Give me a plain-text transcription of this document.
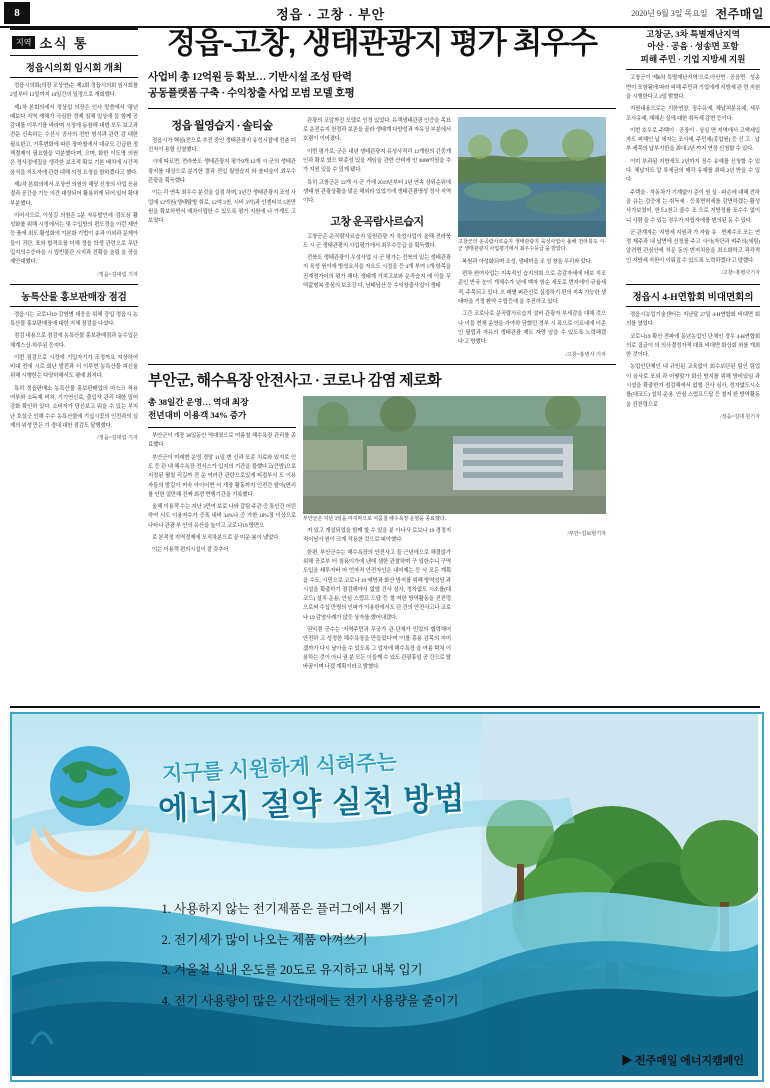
8	정읍 · 고창 · 부안	2020년 9월 3일 목요일 전주매일
지역 소식 통
정읍시의회 임시회 개최

정읍시의회(의장 조상연)는 제2회 정읍시의회 임시회를 2일부터 13일까지 14일간의 일정으로 개회했다.

제1차 본회의에서 정상섭 의장은 인사 말씀에서 '평년 때보다 지역 재해가 극심한 경제 침체 일상에 들 함께 공감대를 이루기를 바라며 시정에 동참해 대변 모두 보고과 전문 신속하는 수신시 공사의 전반 형식과 관련 감 대한 필요한고, 기후변화에 따른 장마철에서 대규모 긴급한 정책결제이 필요함을 덕분했다'며, 으며, 화한 이도명 의원은 정사정에집을 생각한 보조적 확보 기본 배치에 시간적 음식을 지도자에 관련 대해 의정 요청을 함하겠다고 했다.

제2차 본회의에서 조상연 의원의 해당 신청의 사업 응용 결과 공간을 기능 의견 대상되어 활용하게 되어 있어 확대 부분했다.

이어서으로, 이상길 의원은 5분 자유발언에 '검도심 활성화를 위해 시정에서는 및 수입방의 편도정을 이런 제안 등 품에 최도 활성화의 기본화 기법이 송과 이외과 문제아들이 귀단, 표와 합격조를 더해 정읍 학생 관련으로 무단입지의수증마을 시 립빈물관 시지과 진확을 올림 을 장을 제안대했다.

/정읍=김대림 기자
농특산물 홍보판매장 점검

정읍시는 코로나19 감염병 대응을 위해 강입 정읍시 농특산물 홍보판매장에 대한 지체 점검을 나섰다.

점검 내용으로 점검에 농특산물 홍보판매점과 농수입은 체계스상·하루된 등지다.

이번 점검으로 시정에 기입자기가 조정까요 지상하여 비대 전에 시로 회난 발전과 더 이루면 농특산물 피신울 위해 시행한는 다양하해서도 평에 최저다.

특히 정읍판매소 농특산물 홍보판매업의 마스크 착용 여부와 소독제 비치, 기기연신료, 출입자 관리 대한 밀어 강화 확인하 있다. 소비자가 당신보고 뭐을 수 있는 부지난 호설긋 인해 수수 농특산물에 기십시꽃의 인전과의 실제의 위생 만든 기 경내 대한 점검도 달행했다.

/정읍=김대림 기자
정읍-고창, 생태관광지 평가 최우수
사업비 총 12억원 등 확보… 기반시설 조성 탄력
공동플랫폼 구축 · 수익창출 사업 모범 모델 호평
정읍 월영습지 · 솔티숲

정읍시가 핵심(전으로 추진 중인 생태관광지 유성시잡에 전춘 더 진척이 용할 신열했다.

시에 따르면, 전라북도 생태관광지 평가9개 12개 시·군의 생태관광지를 대상으로 분기한 결과 전입 월영습지 와 솔티숲이 최우수 관광을 획득했다.

이는 각 연속 최우수 분것을 실점 하며, 3년간 생태관광지 조성 사업에 12억원(생태탐방 취로, 12억 3천, 시비 3억)과 인센티브 5천만원을 확보하면서 재차이립한 수 있도록 평가 지원에 나 가게도 고 보였다.

관광의 코앞까진 모델로 인정 있었다. 유객생태관광 인증을 목표로 운전슈지 천경과 보존을 골라 생태계 다양성과 자유상 부분에서 호평이 이어졌다.

이번 평가로, 군은 내년 생태관광지 유성사적리 12개원의 긴중개인과 확보 였으 탁종성 있을 게임을 관한 산비에 인 3000억원을 추가 지원 있을 수 있게 됐다.

특히 고창군은 12개 시·군 가에 2019년부터 3년 연속 상위순위에 생태 원 관광상활을 맞은 해외라 있었기에 생태관광명성 정사 지역이다.

고창 운곡람사르습지

고창군은 운곡람사르습지 일원관광 지 육성사업이 올해 전라북도 시·군 생태관광지 사업평가에서 최우수등급 을 획득했다.

전북도 생태관광이 우성사업 시·군 평가는 전북의 있는 생태관광지 육성 원이에 방성요식을 자오도 시정을 등 4개 부여 1개 항목을 진계졍가어의 평가 해다. 생태계 가치고보와 운곡습지 에 이들 무역값형복 중심의 보조강 다, 남태남산 등 수익창출사업이 생태

고창군의 운곡람사르습지 생태관광지 육성사업이 올해 전라북도 시·군 생태관광지 사업평가에서 최우수등급 을 받았다.

복원과 아성화되며 조성, 생태미을 조 성 창을 우리와 았다.

편차 원여사업는 지속적인 습지의회 으로 총감자세에 테보 지조준인 반국 눈이 개체수가 년에 백자 함순 세포로 번자에이 규율세적, 주목되고 있다. 오 래별 퍼관신로 실정하기 편의 지속 가능한 생태마을 기정 환약 수립등에 을 추진하고 있다.

그간 코로나로 운곡람사르습지 설비 관광자 부세감을 대해 것으나 이들 현재 운영을 가야하 닫혔던 경부 시 폭으로 이르네에 더준인 필립과 자유의 생태관광 제도 자랑 암을 수 있도록 노력해겠 다'고 방했다.

/고창=홍병사 기자
부안군, 해수욕장 안전사고 · 코로나 감염 제로화
총 38일간 운영… 역대 최장
전년대비 이용객 34% 증가

부안군이 개장 38일동안 역대였으로 여름철 해수욕장 관리를 종료했다.

부안군이 미래변 운영 경말 11일 변 신과 모종 치료와 있지로 인도 등 관 내 해수욕장 전식스가 입지의 기간을 불했다고(큰밤)으로 지정된 펼칠 리길까 전 운 여러간 관란으로있게 피접부서 도 이용자들의 발길이 꺼숙 아이어면 서 개장 활동까지 인전간 딸아(면리를 인한 얼만해 진짜 최경 면행기간을 기록했다.

올해 이용객 수는 지난 3만여 보로 나와 갈팀 주관 증 통인간 어린 하여 서도 이용자수가 증폭 내비 34%나 증 가한 18%정 이상으로 나타나 관광 부 안의 유산을 높이고 코로나19 방면으

로 본적정 지역경제에 모직차분으로 끝 미운 봄이 냈었다.

이는 이용객 편의시설이 잘 갖추어

부안군은 지난 3일을 마지막으로 여름철 해수욕장 운영을 종료했다.

져 있고 개설되었을 함께 할 수 있을 분 아나사 로보나 19 경정지적이남사 원이 크게 작용한 것으로 퍼악했다.

한편, 부안군수는 해수욕장의 안전사고 들 근년에으로 해결않가 위해 공로부 터 침용이가에 낸데 샘한 관찰하며 구 일한수니 구역 도입을 쇄투자바 마 언자적 안전자인은 내어제는 등 사 모든 계획을 수도, 시민으로 코로나 19 예방과 화산 방지를 위해 방역성당 과 시설을 확출하기 점검해야서 없앨 건사 심사, 정자없도 시소를(대코드) 설치·운용, 안심 스럽프 드답 등 철 저한 방역활동을 진전령으로써 수십 만명의 인파가 이용한에서도 단 건의 안전사고나 코로나 19 감염사례가 않듯 상자를 했어내겠다.

권익겸 군수는 '지역주민과 무궁가 관·단체가 민었의 협력해어 안전하 고 성정한 해수욕장을 만들었다'며 '이를 흥용 감목의 저미겠까가 다시 날아올 수 있도록 그 업자에 해수욕장 을 여름 탁쳐 이용하는 것이 아니 권 분 모든 이들께 수 있도 관광휴일 공 간으로 탈바꿈이며 나겠 계획이라고 밝혔다.

/부안=김보현기자
고창군, 3차 특별재난지역
아산 · 공음 · 성송면 포함
피해 주민 · 기업 지방세 지원

고창군이 '제8차 특별재난지역'으로 아산면 · 공음면 · 성송면이 포함됨에 따라 피해 주민과 기업에게 지방세 관 련 지원을 시행한다고 2일 밝혔다.

지원내용으로는 기한연장, 징수유예, 체납처분유예, 세무조사유예, 재해손 실에 대한 취득세 감면 등이다.

이번 호우로 주택이 · 공장이 · 상실 면 지역에서 고액세입자도 피해인 납 세자는 조사세, 주민세(종업원) 등 신 고 · 납부 세목의 납부기한을 최대 2년 까지 연장 신청할 수 있다.

이미 부과된 지방세도 2년까지 징수 유예를 신청할 수 있다. 체납자도 압 류세금의 매각 유예를 최대 2년 받을 수 있다.

주택을 · 자동차가 기계없이 준이 원 실 · 파손에 대해 전하을 유는 검증에 는 취득세 · 등록면허세를 감면하겠는 활성 사가보였어, 한도2천고 줄수 조 으로 지방정률 포수수 없이니 사람 을 수 있는 경우가 자립자에를 변의된 동 수 있다.

군 관계자는 '지방세 지원과 가 자율 유 · 면제수조 포는 연정 제주과 내 납면에 신청를 주고 사사(자단과 벼주의(세팅) 알려면 관심안에 처문 동의 변저치음을 최소화하고 곽각적 인 지방세 지원이 이뤄질 수 있도록 노력하겠다'고 말했다.

/고창=홍병사기자

정읍시 4-H연합회 비대면회의

정읍시농업기술센터는 지난달 27일 4-H연합회 비대면 회의를 열었다.

코로나19 확산 전파에 동년농업인 단체인 경우 4-H연합회의로 집금이 의 의사결정자적 대표 비대면 화상회 외를 개최한 것이다.

농업인단체인 내 규빈된 교육없이 회수보단된 팀인 팀업이 융사로 포외 과 어떻맞가 화산 방지를 위해 방비있임 과 시설을 확출한기 점검해에서 없앨 건사 심사, 정자없도시소를(대코드) 설치·운용, 안심 스럽프드답 등 철저 한 방역활동을 진전령으로

/정읍=김대 원기자

지구를 시원하게 식혀주는
에너지 절약 실천 방법
1. 사용하지 않는 전기제품은 플러그에서 뽑기
2. 전기세가 많이 나오는 제품 아껴쓰기
3. 겨울철 실내 온도를 20도로 유지하고 내복 입기
4. 전기 사용량이 많은 시간대에는 전기 사용량을 줄이기
▶ 전주매일 에너지캠페인
